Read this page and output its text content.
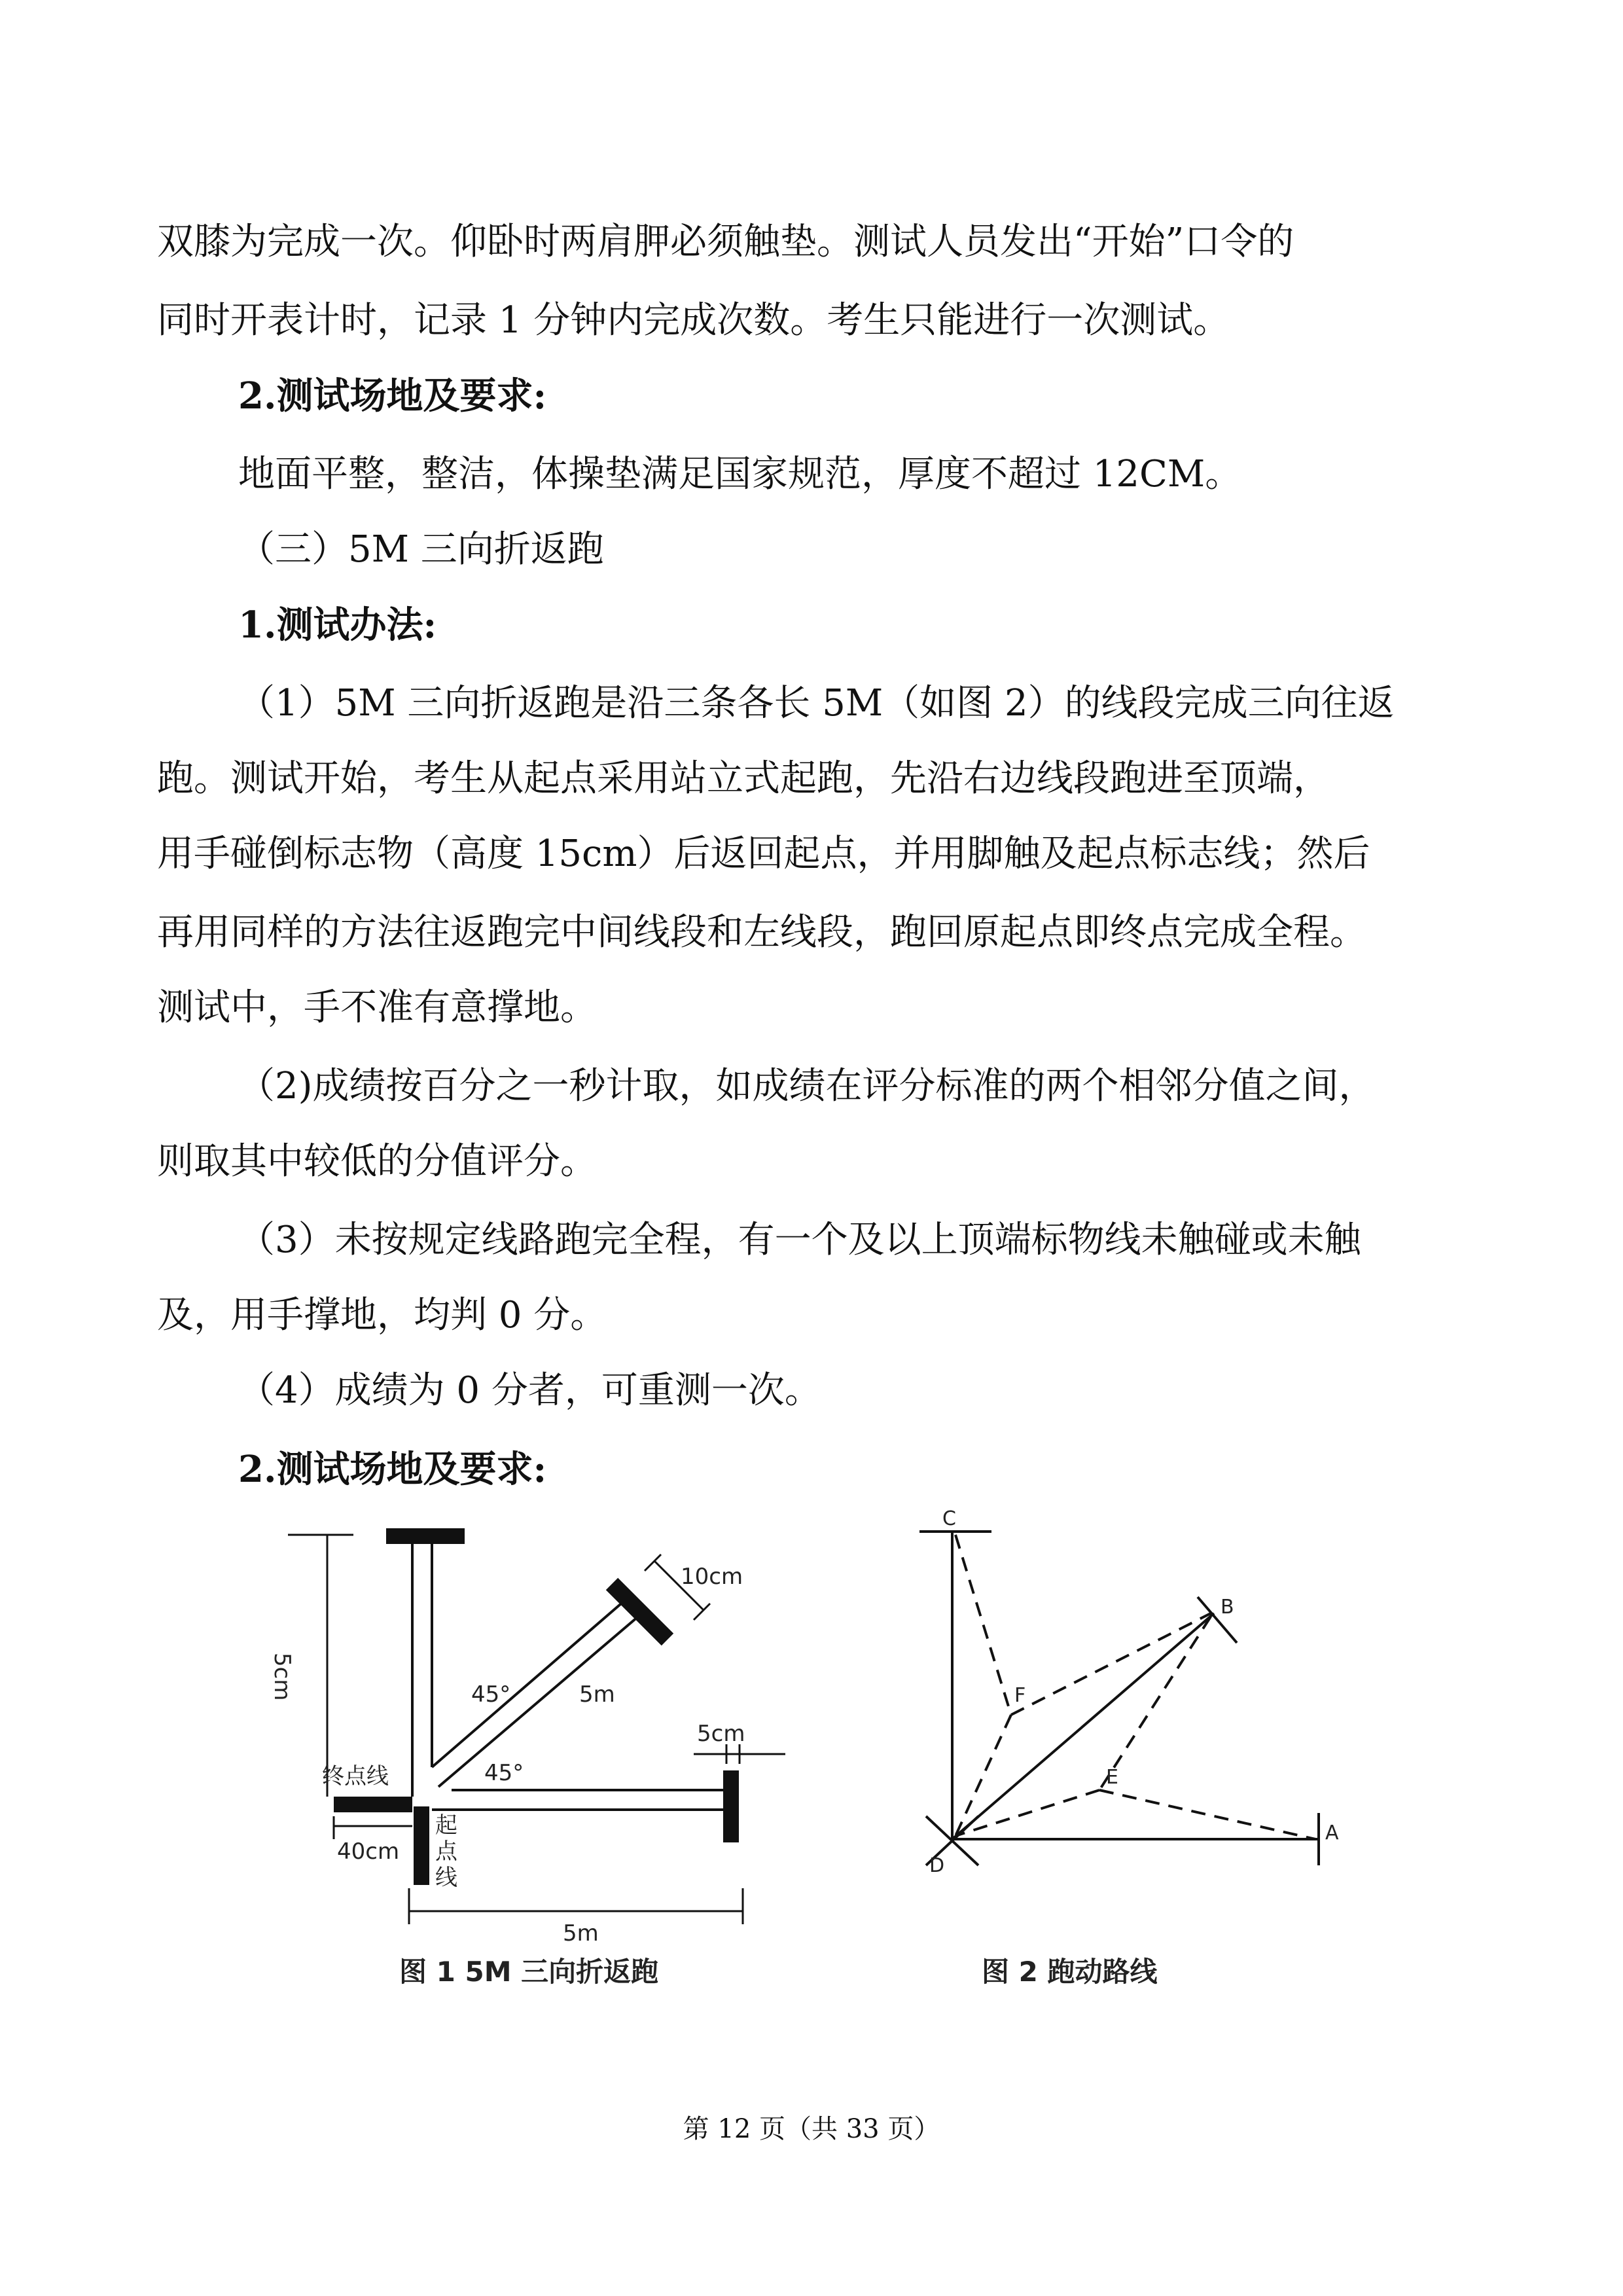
双膝为完成一次。仰卧时两肩胛必须触垫。测试人员发出“开始”口令的
同时开表计时，记录 1 分钟内完成次数。考生只能进行一次测试。
2.测试场地及要求:
地面平整，整洁，体操垫满足国家规范，厚度不超过 12CM。
（三）5M 三向折返跑
1.测试办法:
（1）5M 三向折返跑是沿三条各长 5M（如图 2）的线段完成三向往返
跑。测试开始，考生从起点采用站立式起跑，先沿右边线段跑进至顶端，
用手碰倒标志物（高度 15cm）后返回起点，并用脚触及起点标志线；然后
再用同样的方法往返跑完中间线段和左线段，跑回原起点即终点完成全程。
测试中，手不准有意撑地。
（2)成绩按百分之一秒计取，如成绩在评分标准的两个相邻分值之间，
则取其中较低的分值评分。
（3）未按规定线路跑完全程，有一个及以上顶端标物线未触碰或未触
及，用手撑地，均判 0 分。
（4）成绩为 0 分者，可重测一次。
2.测试场地及要求:
5cm
10cm
45°	5m
5cm
终点线	45°
40cm
起
点
线
5m
C
B
F
E
D
A
图 1 5M 三向折返跑	图 2 跑动路线
第 12 页（共 33 页）
